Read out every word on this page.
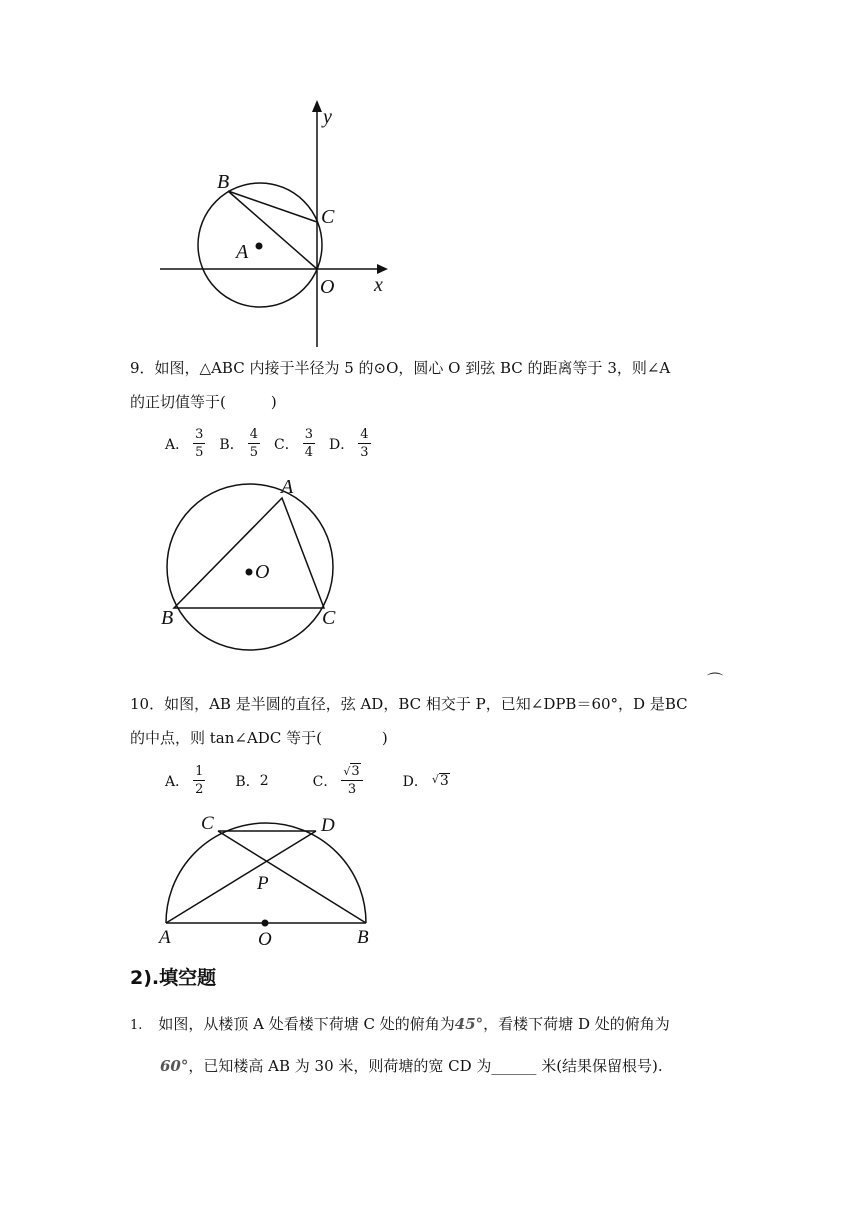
y
B
C
A
O x
9．如图，△ABC 内接于半径为 5 的⊙O，圆心 O 到弦 BC 的距离等于 3，则∠A
的正切值等于(　　　)
A． $\frac{3}{5}$ B． $\frac{4}{5}$ C． $\frac{3}{4}$ D． $\frac{4}{3}$
A
O
B	C
⌒
10．如图，AB 是半圆的直径，弦 AD，BC 相交于 P，已知∠DPB＝60°，D 是BC
的中点，则 tan∠ADC 等于(　　　　)
A． $\frac{1}{2}$ B． 2	C． $\frac{√ 3}{3}$	D． √ 3
C	D
P
A	O	B
2).填空题
1. 如图，从楼顶 A 处看楼下荷塘 C 处的俯角为45°，看楼下荷塘 D 处的俯角为
60°，已知楼高 AB 为 30 米，则荷塘的宽 CD 为______ 米(结果保留根号).
